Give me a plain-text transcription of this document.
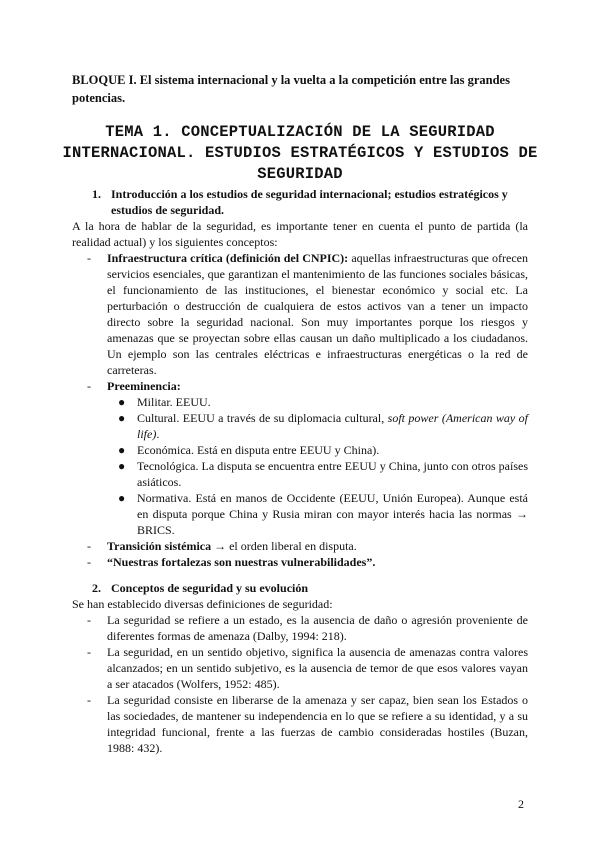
BLOQUE I. El sistema internacional y la vuelta a la competición entre las grandes potencias.

TEMA 1. CONCEPTUALIZACIÓN DE LA SEGURIDAD INTERNACIONAL. ESTUDIOS ESTRATÉGICOS Y ESTUDIOS DE SEGURIDAD
1. Introducción a los estudios de seguridad internacional; estudios estratégicos y estudios de seguridad.
A la hora de hablar de la seguridad, es importante tener en cuenta el punto de partida (la realidad actual) y los siguientes conceptos:
-	Infraestructura crítica (definición del CNPIC): aquellas infraestructuras que ofrecen servicios esenciales, que garantizan el mantenimiento de las funciones sociales básicas, el funcionamiento de las instituciones, el bienestar económico y social etc. La perturbación o destrucción de cualquiera de estos activos van a tener un impacto directo sobre la seguridad nacional. Son muy importantes porque los riesgos y amenazas que se proyectan sobre ellas causan un daño multiplicado a los ciudadanos. Un ejemplo son las centrales eléctricas e infraestructuras energéticas o la red de carreteras.
-	Preeminencia:
● Militar. EEUU.
● Cultural. EEUU a través de su diplomacia cultural, soft power (American way of life).
● Económica. Está en disputa entre EEUU y China).
● Tecnológica. La disputa se encuentra entre EEUU y China, junto con otros países asiáticos.
● Normativa. Está en manos de Occidente (EEUU, Unión Europea). Aunque está en disputa porque China y Rusia miran con mayor interés hacia las normas → BRICS.
-	Transición sistémica → el orden liberal en disputa.
-	“Nuestras fortalezas son nuestras vulnerabilidades”.
2. Conceptos de seguridad y su evolución
Se han establecido diversas definiciones de seguridad:
-	La seguridad se refiere a un estado, es la ausencia de daño o agresión proveniente de diferentes formas de amenaza (Dalby, 1994: 218).
-	La seguridad, en un sentido objetivo, significa la ausencia de amenazas contra valores alcanzados; en un sentido subjetivo, es la ausencia de temor de que esos valores vayan a ser atacados (Wolfers, 1952: 485).
-	La seguridad consiste en liberarse de la amenaza y ser capaz, bien sean los Estados o las sociedades, de mantener su independencia en lo que se refiere a su identidad, y a su integridad funcional, frente a las fuerzas de cambio consideradas hostiles (Buzan, 1988: 432).
2
